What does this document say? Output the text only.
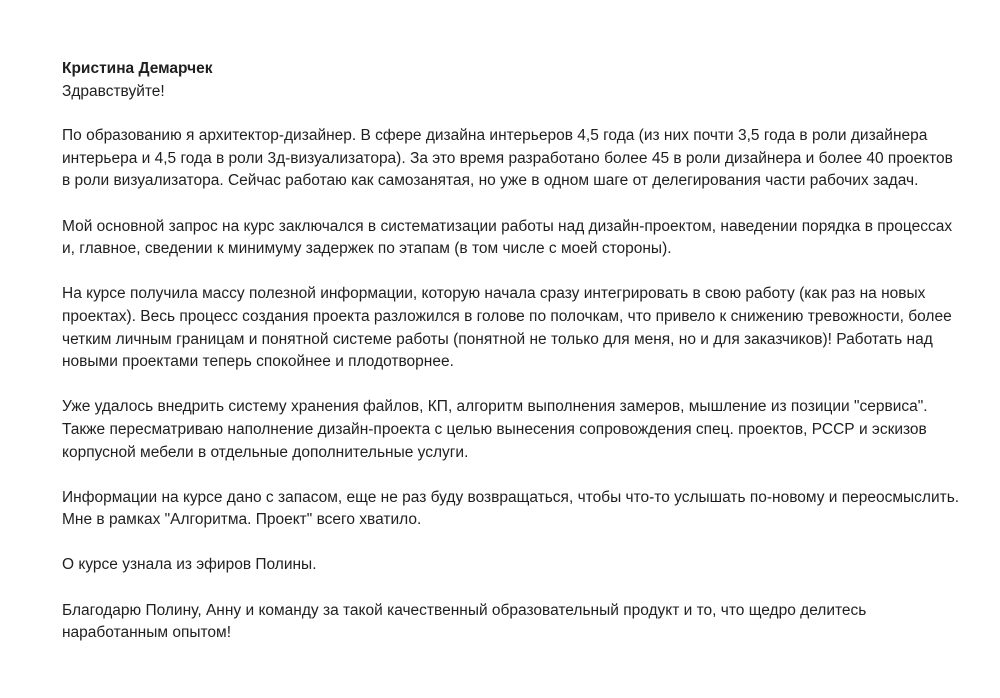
Кристина Демарчек

Здравствуйте!

По образованию я архитектор-дизайнер. В сфере дизайна интерьеров 4,5 года (из них почти 3,5 года в роли дизайнера интерьера и 4,5 года в роли 3д-визуализатора). За это время разработано более 45 в роли дизайнера и более 40 проектов в роли визуализатора. Сейчас работаю как самозанятая, но уже в одном шаге от делегирования части рабочих задач.

Мой основной запрос на курс заключался в систематизации работы над дизайн-проектом, наведении порядка в процессах и, главное, сведении к минимуму задержек по этапам (в том числе с моей стороны).

На курсе получила массу полезной информации, которую начала сразу интегрировать в свою работу (как раз на новых проектах). Весь процесс создания проекта разложился в голове по полочкам, что привело к снижению тревожности, более четким личным границам и понятной системе работы (понятной не только для меня, но и для заказчиков)! Работать над новыми проектами теперь спокойнее и плодотворнее.

Уже удалось внедрить систему хранения файлов, КП, алгоритм выполнения замеров, мышление из позиции "сервиса". Также пересматриваю наполнение дизайн-проекта с целью вынесения сопровождения спец. проектов, РССР и эскизов корпусной мебели в отдельные дополнительные услуги.

Информации на курсе дано с запасом, еще не раз буду возвращаться, чтобы что-то услышать по-новому и переосмыслить. Мне в рамках "Алгоритма. Проект" всего хватило.

О курсе узнала из эфиров Полины.

Благодарю Полину, Анну и команду за такой качественный образовательный продукт и то, что щедро делитесь наработанным опытом!
